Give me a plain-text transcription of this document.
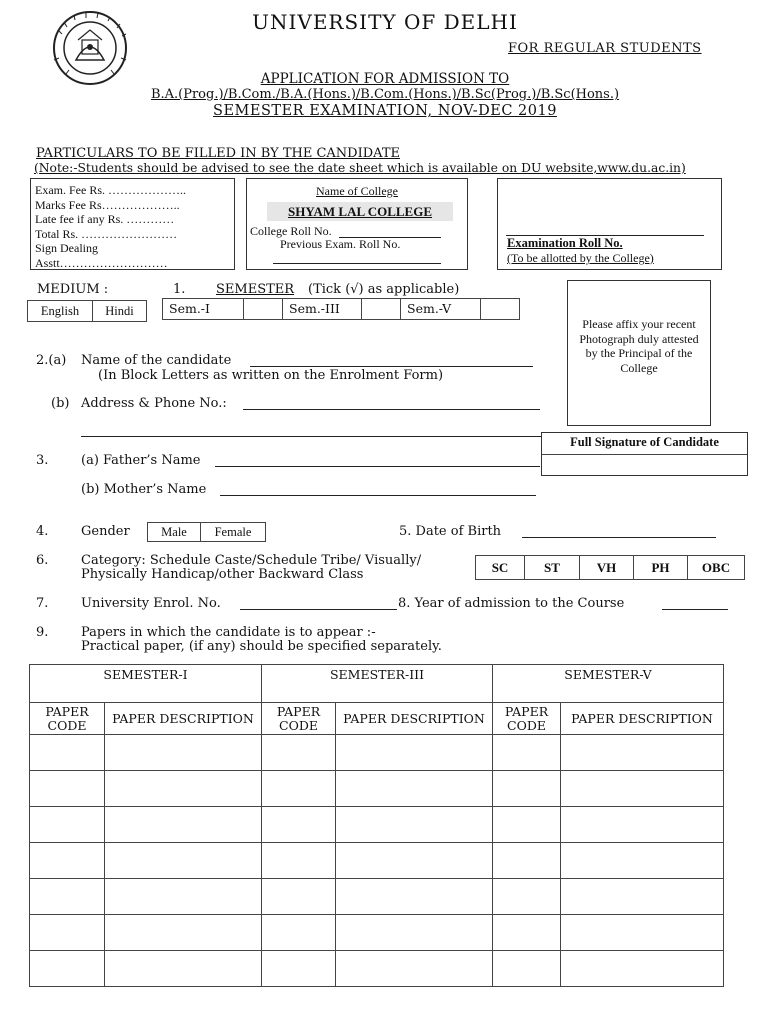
UNIVERSITY OF DELHI
FOR REGULAR STUDENTS
APPLICATION FOR ADMISSION TO
B.A.(Prog.)/B.Com./B.A.(Hons.)/B.Com.(Hons.)/B.Sc(Prog.)/B.Sc(Hons.)
SEMESTER EXAMINATION, NOV-DEC 2019
PARTICULARS TO BE FILLED IN BY THE CANDIDATE
(Note:-Students should be advised to see the date sheet which is available on DU website,www.du.ac.in)
Exam. Fee Rs. ………………..
Marks Fee Rs………………..
Late fee if any Rs. …………
Total Rs. ……………………
Sign Dealing
Asstt………………………
Name of College
SHYAM LAL COLLEGE
College Roll No.
Previous Exam. Roll No.	Examination Roll No.
(To be allotted by the College)
MEDIUM :
English	Hindi
1. SEMESTER (Tick (√) as applicable)
Sem.-I	Sem.-III	Sem.-V
Please affix your recent Photograph duly attested by the Principal of the College
Full Signature of Candidate
2.(a) Name of the candidate
(In Block Letters as written on the Enrolment Form)
(b) Address & Phone No.:
3.	(a) Father’s Name
(b) Mother’s Name
4.	Gender	Male	Female	5. Date of Birth
6.	Category: Schedule Caste/Schedule Tribe/ Visually/
Physically Handicap/other Backward Class	SC	ST	VH	PH	OBC
7.	University Enrol. No.	8. Year of admission to the Course
9.	Papers in which the candidate is to appear :-
Practical paper, (if any) should be specified separately.
SEMESTER-I		SEMESTER-III		SEMESTER-V	
PAPER CODE	PAPER DESCRIPTION	PAPER CODE	PAPER DESCRIPTION	PAPER CODE	PAPER DESCRIPTION
